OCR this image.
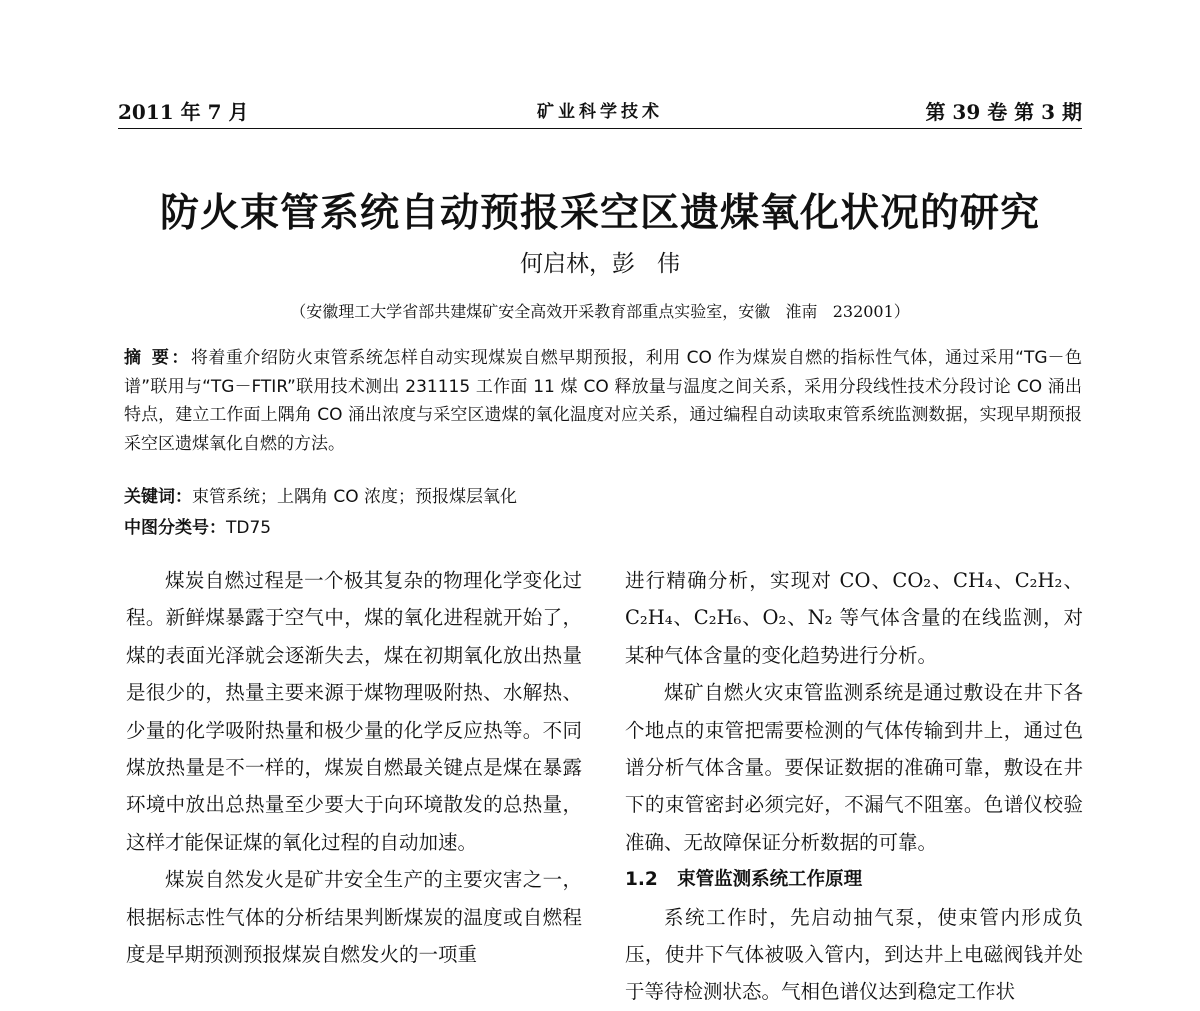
2011 年 7 月	矿业科学技术	第 39 卷 第 3 期
防火束管系统自动预报采空区遗煤氧化状况的研究
何启林，彭   伟
（安徽理工大学省部共建煤矿安全高效开采教育部重点实验室，安徽   淮南   232001）
摘 要：将着重介绍防火束管系统怎样自动实现煤炭自燃早期预报，利用 CO 作为煤炭自燃的指标性气体，通过采用“TG－色谱”联用与“TG－FTIR”联用技术测出 231115 工作面 11 煤 CO 释放量与温度之间关系，采用分段线性技术分段讨论 CO 涌出特点，建立工作面上隅角 CO 涌出浓度与采空区遗煤的氧化温度对应关系，通过编程自动读取束管系统监测数据，实现早期预报采空区遗煤氧化自燃的方法。
关键词：束管系统；上隅角 CO 浓度；预报煤层氧化
中图分类号：TD75

煤炭自燃过程是一个极其复杂的物理化学变化过程。新鲜煤暴露于空气中，煤的氧化进程就开始了，煤的表面光泽就会逐渐失去，煤在初期氧化放出热量是很少的，热量主要来源于煤物理吸附热、水解热、少量的化学吸附热量和极少量的化学反应热等。不同煤放热量是不一样的，煤炭自燃最关键点是煤在暴露环境中放出总热量至少要大于向环境散发的总热量，这样才能保证煤的氧化过程的自动加速。

煤炭自然发火是矿井安全生产的主要灾害之一，根据标志性气体的分析结果判断煤炭的温度或自燃程度是早期预测预报煤炭自燃发火的一项重

进行精确分析，实现对 CO、CO₂、CH₄、C₂H₂、C₂H₄、C₂H₆、O₂、N₂ 等气体含量的在线监测，对某种气体含量的变化趋势进行分析。

煤矿自燃火灾束管监测系统是通过敷设在井下各个地点的束管把需要检测的气体传输到井上，通过色谱分析气体含量。要保证数据的准确可靠，敷设在井下的束管密封必须完好，不漏气不阻塞。色谱仪校验准确、无故障保证分析数据的可靠。

1.2   束管监测系统工作原理

系统工作时，先启动抽气泵，使束管内形成负压，使井下气体被吸入管内，到达井上电磁阀钱并处于等待检测状态。气相色谱仪达到稳定工作状
